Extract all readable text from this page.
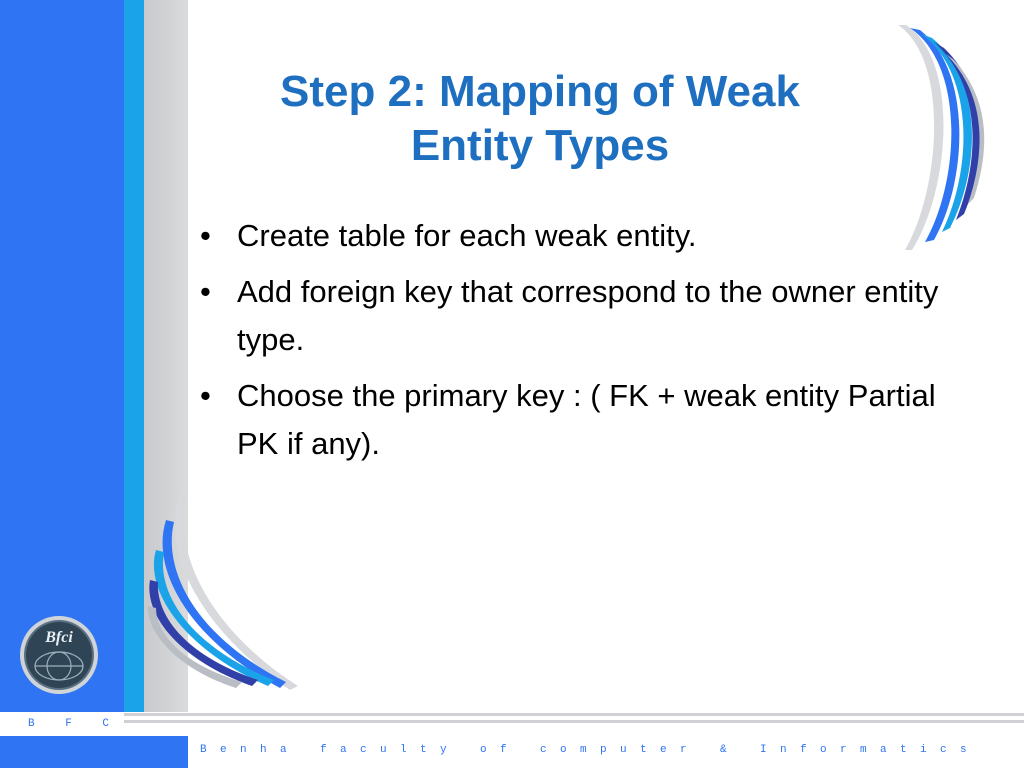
Step 2: Mapping of Weak Entity Types
• Create table for each weak entity.
• Add foreign key that correspond to the owner entity type.
• Choose the primary key : ( FK + weak entity Partial PK if any).
Bfci
B F C
Benha faculty of computer & Informatics
